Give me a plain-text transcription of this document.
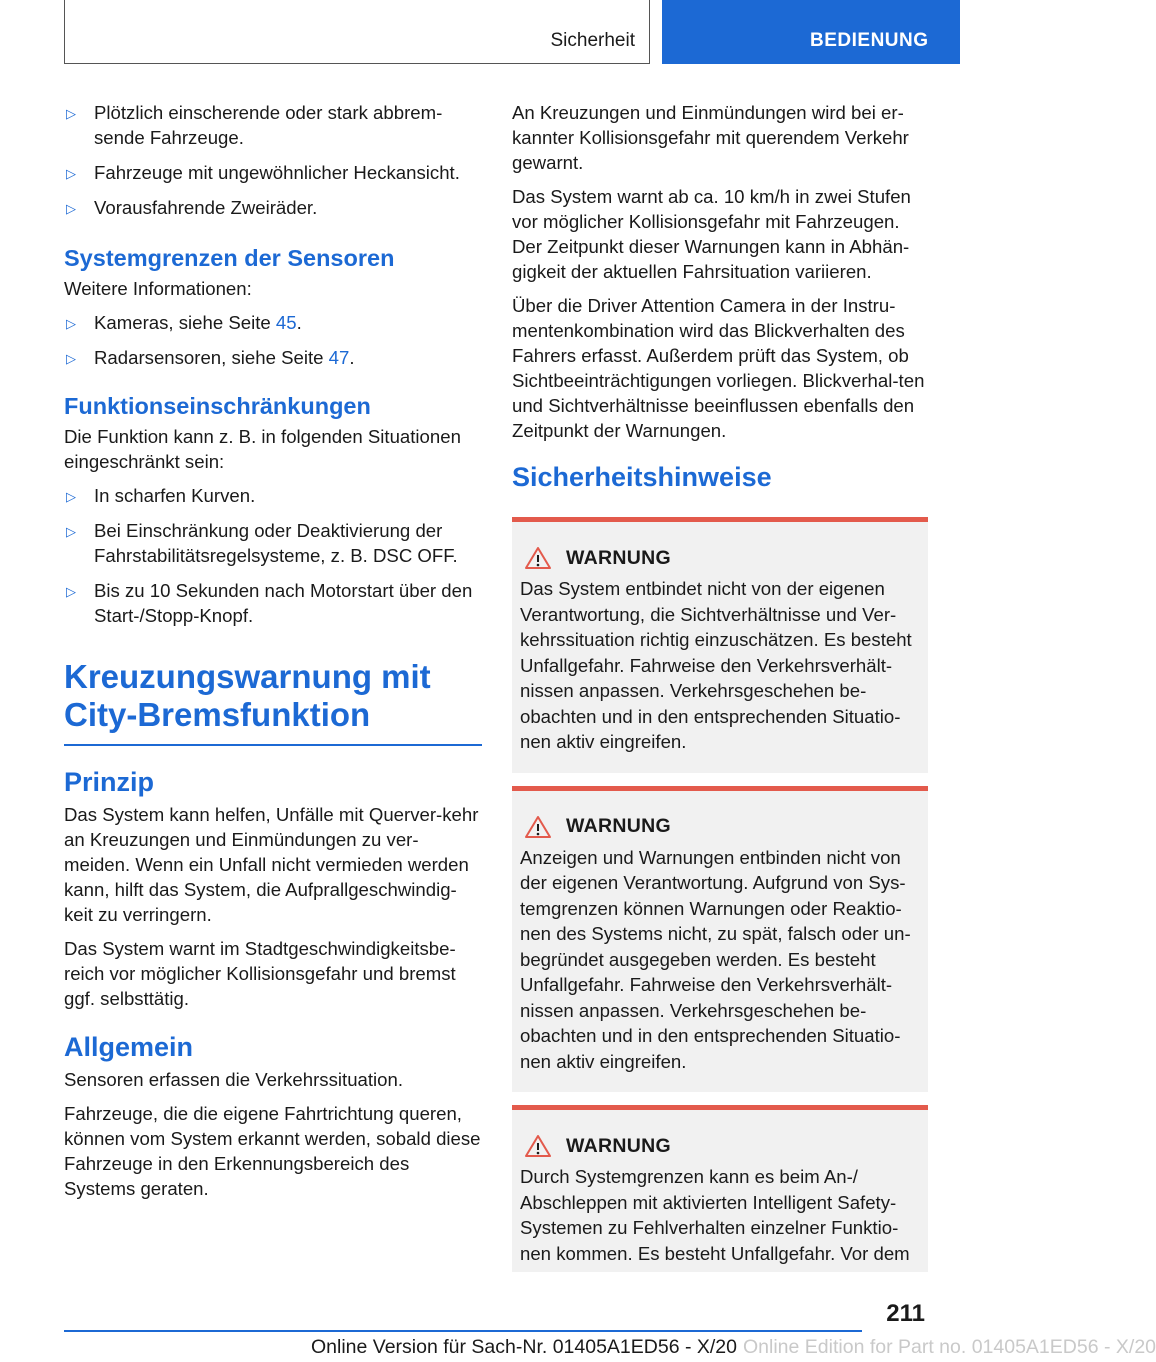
Sicherheit	BEDIENUNG
▷ Plötzlich einscherende oder stark abbrem-sende Fahrzeuge.
▷ Fahrzeuge mit ungewöhnlicher Heckansicht.
▷ Vorausfahrende Zweiräder.
Systemgrenzen der Sensoren

Weitere Informationen:

▷ Kameras, siehe Seite 45.
▷ Radarsensoren, siehe Seite 47.
Funktionseinschränkungen

Die Funktion kann z. B. in folgenden Situationen eingeschränkt sein:

▷ In scharfen Kurven.
▷ Bei Einschränkung oder Deaktivierung der Fahrstabilitätsregelsysteme, z. B. DSC OFF.
▷ Bis zu 10 Sekunden nach Motorstart über den Start-/Stopp-Knopf.
Kreuzungswarnung mit City-Bremsfunktion
Prinzip

Das System kann helfen, Unfälle mit Querver-kehr an Kreuzungen und Einmündungen zu ver-meiden. Wenn ein Unfall nicht vermieden werden kann, hilft das System, die Aufprallgeschwindig-keit zu verringern.

Das System warnt im Stadtgeschwindigkeitsbe-reich vor möglicher Kollisionsgefahr und bremst ggf. selbsttätig.

Allgemein

Sensoren erfassen die Verkehrssituation.

Fahrzeuge, die die eigene Fahrtrichtung queren, können vom System erkannt werden, sobald diese Fahrzeuge in den Erkennungsbereich des Systems geraten.

An Kreuzungen und Einmündungen wird bei er-kannter Kollisionsgefahr mit querendem Verkehr gewarnt.

Das System warnt ab ca. 10 km/h in zwei Stufen vor möglicher Kollisionsgefahr mit Fahrzeugen. Der Zeitpunkt dieser Warnungen kann in Abhän-gigkeit der aktuellen Fahrsituation variieren.

Über die Driver Attention Camera in der Instru-mentenkombination wird das Blickverhalten des Fahrers erfasst. Außerdem prüft das System, ob Sichtbeeinträchtigungen vorliegen. Blickverhal-ten und Sichtverhältnisse beeinflussen ebenfalls den Zeitpunkt der Warnungen.

Sicherheitshinweise
WARNUNG

Das System entbindet nicht von der eigenen Verantwortung, die Sichtverhältnisse und Ver-kehrssituation richtig einzuschätzen. Es besteht Unfallgefahr. Fahrweise den Verkehrsverhält-nissen anpassen. Verkehrsgeschehen be-obachten und in den entsprechenden Situatio-nen aktiv eingreifen.

WARNUNG

Anzeigen und Warnungen entbinden nicht von der eigenen Verantwortung. Aufgrund von Sys-temgrenzen können Warnungen oder Reaktio-nen des Systems nicht, zu spät, falsch oder un-begründet ausgegeben werden. Es besteht Unfallgefahr. Fahrweise den Verkehrsverhält-nissen anpassen. Verkehrsgeschehen be-obachten und in den entsprechenden Situatio-nen aktiv eingreifen.

WARNUNG

Durch Systemgrenzen kann es beim An-/ Abschleppen mit aktivierten Intelligent Safety-Systemen zu Fehlverhalten einzelner Funktio-nen kommen. Es besteht Unfallgefahr. Vor dem

211
Online Version für Sach-Nr. 01405A1ED56 - X/20 Online Edition for Part no. 01405A1ED56 - X/20
